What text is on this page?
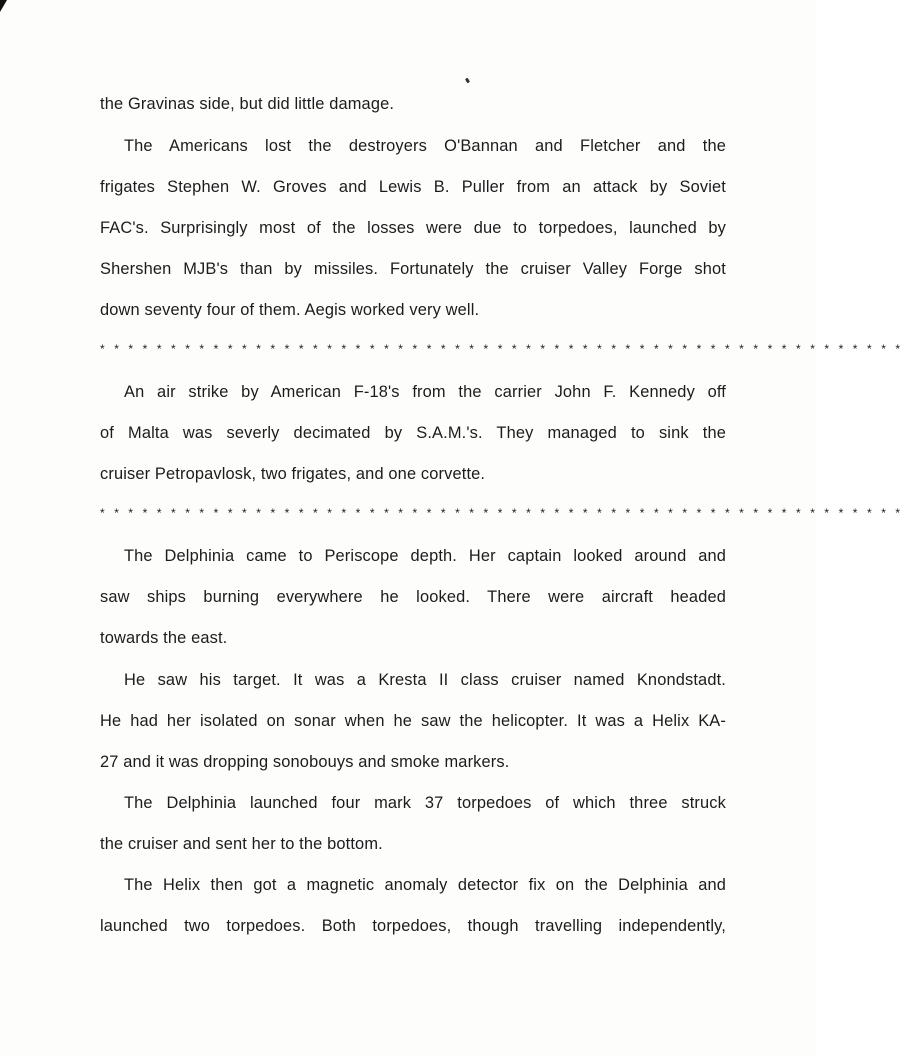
the Gravinas side, but did little damage.
The Americans lost the destroyers O'Bannan and Fletcher and the
frigates Stephen W. Groves and Lewis B. Puller from an attack by Soviet
FAC's. Surprisingly most of the losses were due to torpedoes, launched by
Shershen MJB's than by missiles. Fortunately the cruiser Valley Forge shot
down seventy four of them. Aegis worked very well.
* * * * * * * * * * * * * * * * * * * * * * * * * * * * * * * * * * * * * * * * * * * * * * * * * * * * * * * * *
An air strike by American F-18's from the carrier John F. Kennedy off
of Malta was severly decimated by S.A.M.'s. They managed to sink the
cruiser Petropavlosk, two frigates, and one corvette.
* * * * * * * * * * * * * * * * * * * * * * * * * * * * * * * * * * * * * * * * * * * * * * * * * * * * * * * * *
The Delphinia came to Periscope depth. Her captain looked around and
saw ships burning everywhere he looked. There were aircraft headed
towards the east.
He saw his target. It was a Kresta II class cruiser named Knondstadt.
He had her isolated on sonar when he saw the helicopter. It was a Helix KA-
27 and it was dropping sonobouys and smoke markers.
The Delphinia launched four mark 37 torpedoes of which three struck
the cruiser and sent her to the bottom.
The Helix then got a magnetic anomaly detector fix on the Delphinia and
launched two torpedoes. Both torpedoes, though travelling independently,
